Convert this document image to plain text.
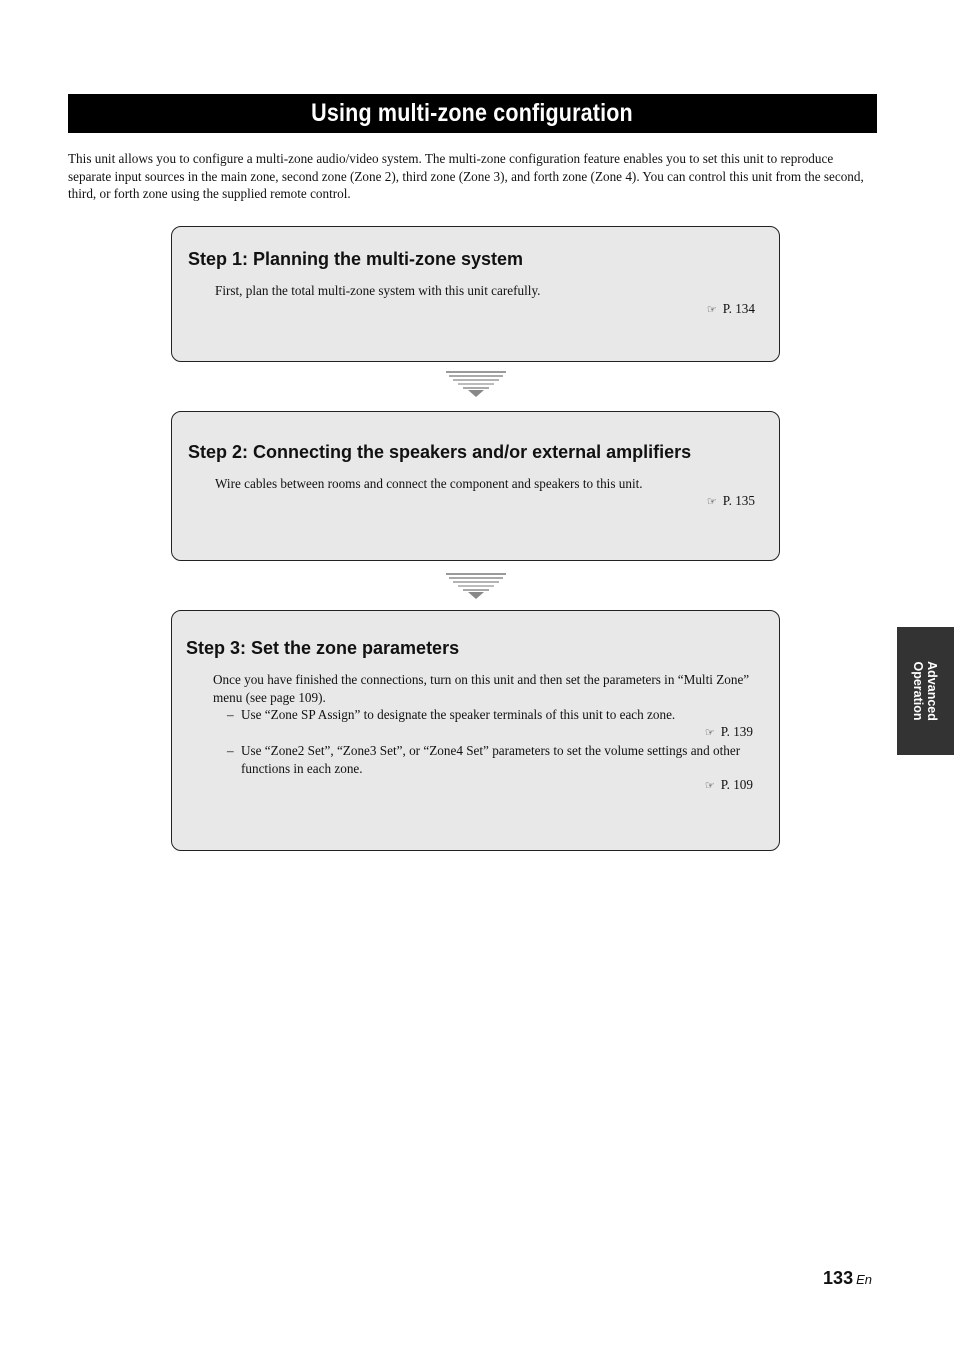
Using multi-zone configuration

This unit allows you to configure a multi-zone audio/video system. The multi-zone configuration feature enables you to set this unit to reproduce separate input sources in the main zone, second zone (Zone 2), third zone (Zone 3), and forth zone (Zone 4). You can control this unit from the second, third, or forth zone using the supplied remote control.

Step 1: Planning the multi-zone system

First, plan the total multi-zone system with this unit carefully.

☞ P. 134
Step 2: Connecting the speakers and/or external amplifiers

Wire cables between rooms and connect the component and speakers to this unit.

☞ P. 135
Step 3: Set the zone parameters

Once you have finished the connections, turn on this unit and then set the parameters in “Multi Zone” menu (see page 109).

– Use “Zone SP Assign” to designate the speaker terminals of this unit to each zone.
☞ P. 139
– Use “Zone2 Set”, “Zone3 Set”, or “Zone4 Set” parameters to set the volume settings and other functions in each zone.
☞ P. 109
Advanced
Operation
133 En
